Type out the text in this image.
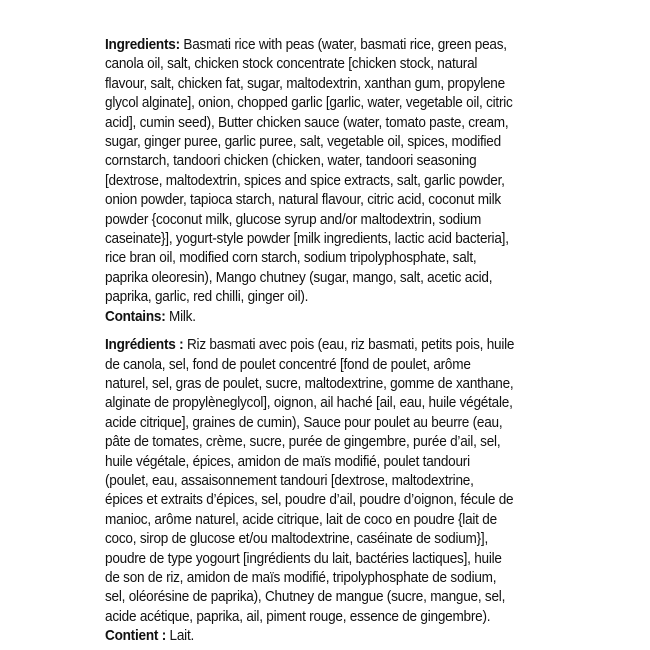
Ingredients: Basmati rice with peas (water, basmati rice, green peas, canola oil, salt, chicken stock concentrate [chicken stock, natural flavour, salt, chicken fat, sugar, maltodextrin, xanthan gum, propylene glycol alginate], onion, chopped garlic [garlic, water, vegetable oil, citric acid], cumin seed), Butter chicken sauce (water, tomato paste, cream, sugar, ginger puree, garlic puree, salt, vegetable oil, spices, modified cornstarch, tandoori chicken (chicken, water, tandoori seasoning [dextrose, maltodextrin, spices and spice extracts, salt, garlic powder, onion powder, tapioca starch, natural flavour, citric acid, coconut milk powder {coconut milk, glucose syrup and/or maltodextrin, sodium caseinate}], yogurt-style powder [milk ingredients, lactic acid bacteria], rice bran oil, modified corn starch, sodium tripolyphosphate, salt, paprika oleoresin), Mango chutney (sugar, mango, salt, acetic acid, paprika, garlic, red chilli, ginger oil).

Contains: Milk.

Ingrédients : Riz basmati avec pois (eau, riz basmati, petits pois, huile de canola, sel, fond de poulet concentré [fond de poulet, arôme naturel, sel, gras de poulet, sucre, maltodextrine, gomme de xanthane, alginate de propylèneglycol], oignon, ail haché [ail, eau, huile végétale, acide citrique], graines de cumin), Sauce pour poulet au beurre (eau, pâte de tomates, crème, sucre, purée de gingembre, purée d’ail, sel, huile végétale, épices, amidon de maïs modifié, poulet tandouri (poulet, eau, assaisonnement tandouri [dextrose, maltodextrine, épices et extraits d’épices, sel, poudre d’ail, poudre d’oignon, fécule de manioc, arôme naturel, acide citrique, lait de coco en poudre {lait de coco, sirop de glucose et/ou maltodextrine, caséinate de sodium}], poudre de type yogourt [ingrédients du lait, bactéries lactiques], huile de son de riz, amidon de maïs modifié, tripolyphosphate de sodium, sel, oléorésine de paprika), Chutney de mangue (sucre, mangue, sel, acide acétique, paprika, ail, piment rouge, essence de gingembre).

Contient : Lait.
